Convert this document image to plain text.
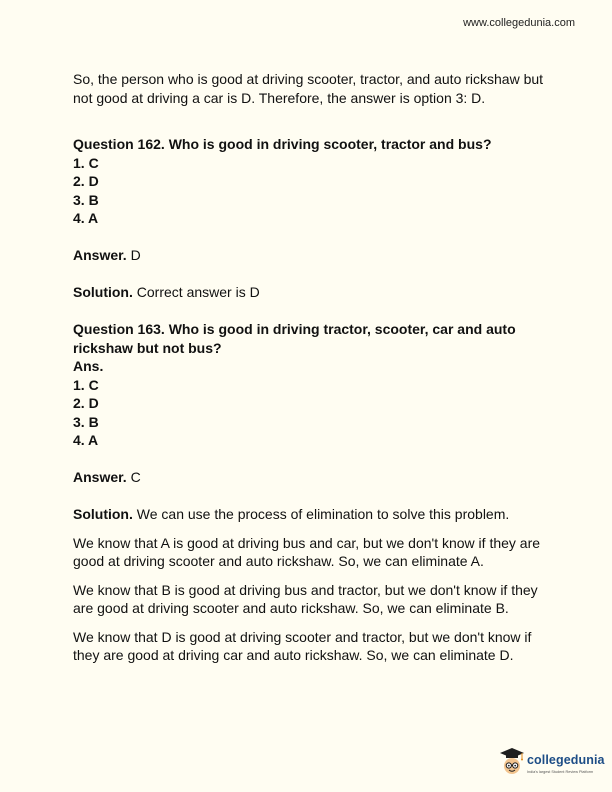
www.collegedunia.com

So, the person who is good at driving scooter, tractor, and auto rickshaw but not good at driving a car is D. Therefore, the answer is option 3: D.

Question 162. Who is good in driving scooter, tractor and bus?

1. C

2. D

3. B

4. A

Answer. D

Solution. Correct answer is D

Question 163. Who is good in driving tractor, scooter, car and auto rickshaw but not bus?

Ans.

1. C

2. D

3. B

4. A

Answer. C

Solution. We can use the process of elimination to solve this problem.

We know that A is good at driving bus and car, but we don't know if they are good at driving scooter and auto rickshaw. So, we can eliminate A.

We know that B is good at driving bus and tractor, but we don't know if they are good at driving scooter and auto rickshaw. So, we can eliminate B.

We know that D is good at driving scooter and tractor, but we don't know if they are good at driving car and auto rickshaw. So, we can eliminate D.

collegedunia
India's largest Student Review Platform
